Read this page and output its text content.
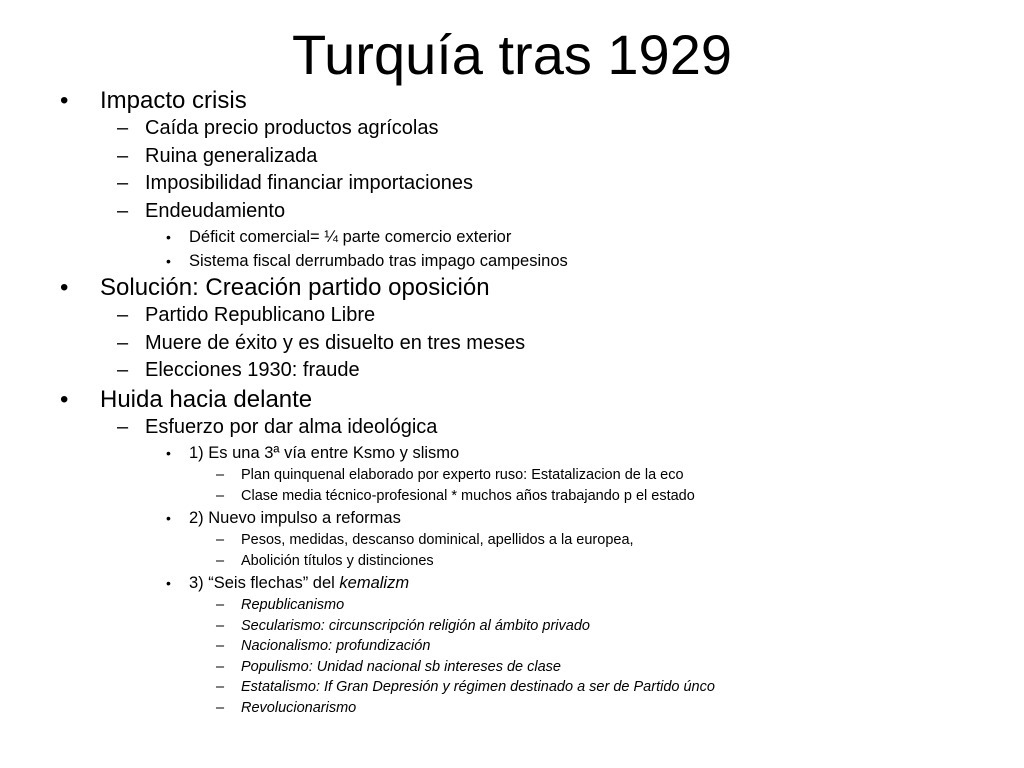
Turquía tras 1929
• Impacto crisis
– Caída precio productos agrícolas
– Ruina generalizada
– Imposibilidad financiar importaciones
– Endeudamiento
• Déficit comercial= ¼ parte comercio exterior
• Sistema fiscal derrumbado tras impago campesinos
• Solución: Creación partido oposición
– Partido Republicano Libre
– Muere de éxito y es disuelto en tres meses
– Elecciones 1930: fraude
• Huida hacia delante
– Esfuerzo por dar alma ideológica
• 1) Es una 3ª vía entre Ksmo y slismo
– Plan quinquenal elaborado por experto ruso: Estatalizacion de la eco
– Clase media técnico-profesional * muchos años trabajando p el estado
• 2) Nuevo impulso a reformas
– Pesos, medidas, descanso dominical, apellidos a la europea,
– Abolición títulos y distinciones
• 3) “Seis flechas” del kemalizm
– Republicanismo
– Secularismo: circunscripción religión al ámbito privado
– Nacionalismo: profundización
– Populismo: Unidad nacional sb intereses de clase
– Estatalismo: If Gran Depresión y régimen destinado a ser de Partido únco
– Revolucionarismo
